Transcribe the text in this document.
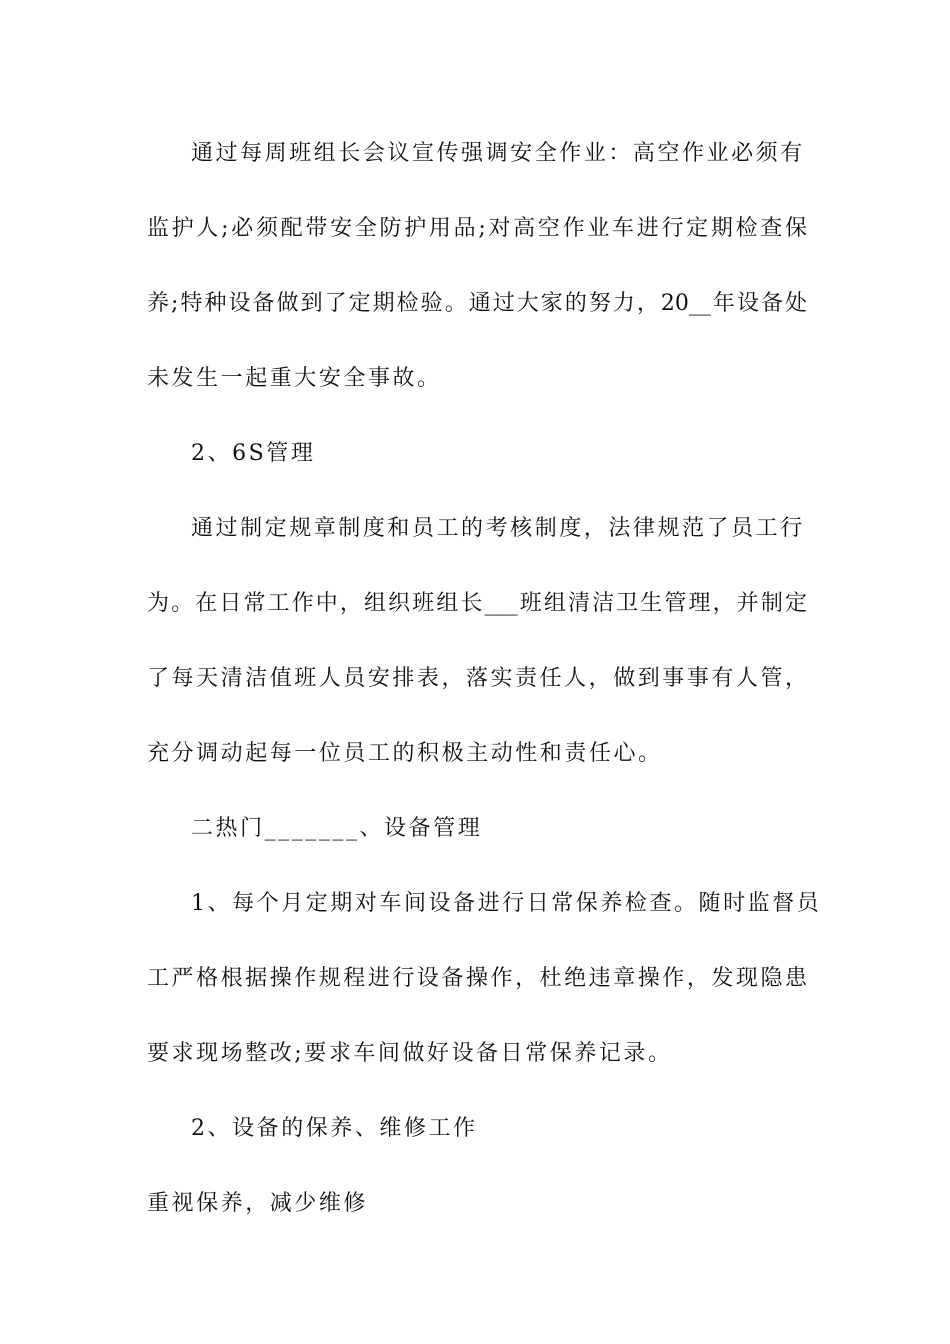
通过每周班组长会议宣传强调安全作业：高空作业必须有
监护人;必须配带安全防护用品;对高空作业车进行定期检查保
养;特种设备做到了定期检验。通过大家的努力，20__年设备处
未发生一起重大安全事故。
2、6S管理
通过制定规章制度和员工的考核制度，法律规范了员工行
为。在日常工作中，组织班组长___班组清洁卫生管理，并制定
了每天清洁值班人员安排表，落实责任人，做到事事有人管，
充分调动起每一位员工的积极主动性和责任心。
二热门_______、设备管理
1、每个月定期对车间设备进行日常保养检查。随时监督员
工严格根据操作规程进行设备操作，杜绝违章操作，发现隐患
要求现场整改;要求车间做好设备日常保养记录。
2、设备的保养、维修工作
重视保养，减少维修
